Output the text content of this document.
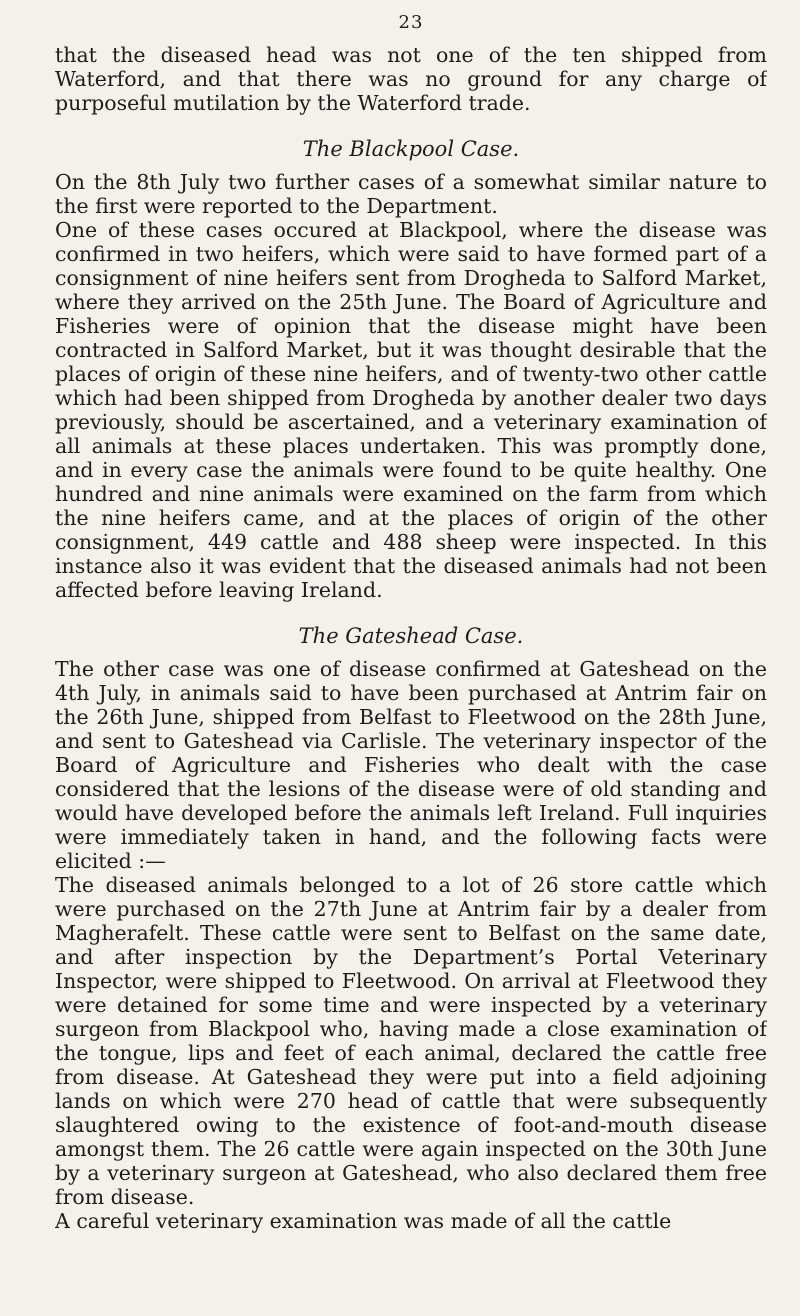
23

that the diseased head was not one of the ten shipped from Waterford, and that there was no ground for any charge of purposeful mutilation by the Waterford trade.

The Blackpool Case.

On the 8th July two further cases of a somewhat similar nature to the first were reported to the Department.

One of these cases occured at Blackpool, where the disease was confirmed in two heifers, which were said to have formed part of a consignment of nine heifers sent from Drogheda to Salford Market, where they arrived on the 25th June. The Board of Agriculture and Fisheries were of opinion that the disease might have been contracted in Salford Market, but it was thought desirable that the places of origin of these nine heifers, and of twenty-two other cattle which had been shipped from Drogheda by another dealer two days previously, should be ascertained, and a veterinary examination of all animals at these places undertaken. This was promptly done, and in every case the animals were found to be quite healthy. One hundred and nine animals were examined on the farm from which the nine heifers came, and at the places of origin of the other consignment, 449 cattle and 488 sheep were inspected. In this instance also it was evident that the diseased animals had not been affected before leaving Ireland.

The Gateshead Case.

The other case was one of disease confirmed at Gateshead on the 4th July, in animals said to have been purchased at Antrim fair on the 26th June, shipped from Belfast to Fleetwood on the 28th June, and sent to Gateshead via Carlisle. The veterinary inspector of the Board of Agriculture and Fisheries who dealt with the case considered that the lesions of the disease were of old standing and would have developed before the animals left Ireland. Full inquiries were immediately taken in hand, and the following facts were elicited :—

The diseased animals belonged to a lot of 26 store cattle which were purchased on the 27th June at Antrim fair by a dealer from Magherafelt. These cattle were sent to Belfast on the same date, and after inspection by the Department’s Portal Veterinary Inspector, were shipped to Fleetwood. On arrival at Fleetwood they were detained for some time and were inspected by a veterinary surgeon from Blackpool who, having made a close examination of the tongue, lips and feet of each animal, declared the cattle free from disease. At Gateshead they were put into a field adjoining lands on which were 270 head of cattle that were subsequently slaughtered owing to the existence of foot-and-mouth disease amongst them. The 26 cattle were again inspected on the 30th June by a veterinary surgeon at Gateshead, who also declared them free from disease.

A careful veterinary examination was made of all the cattle
